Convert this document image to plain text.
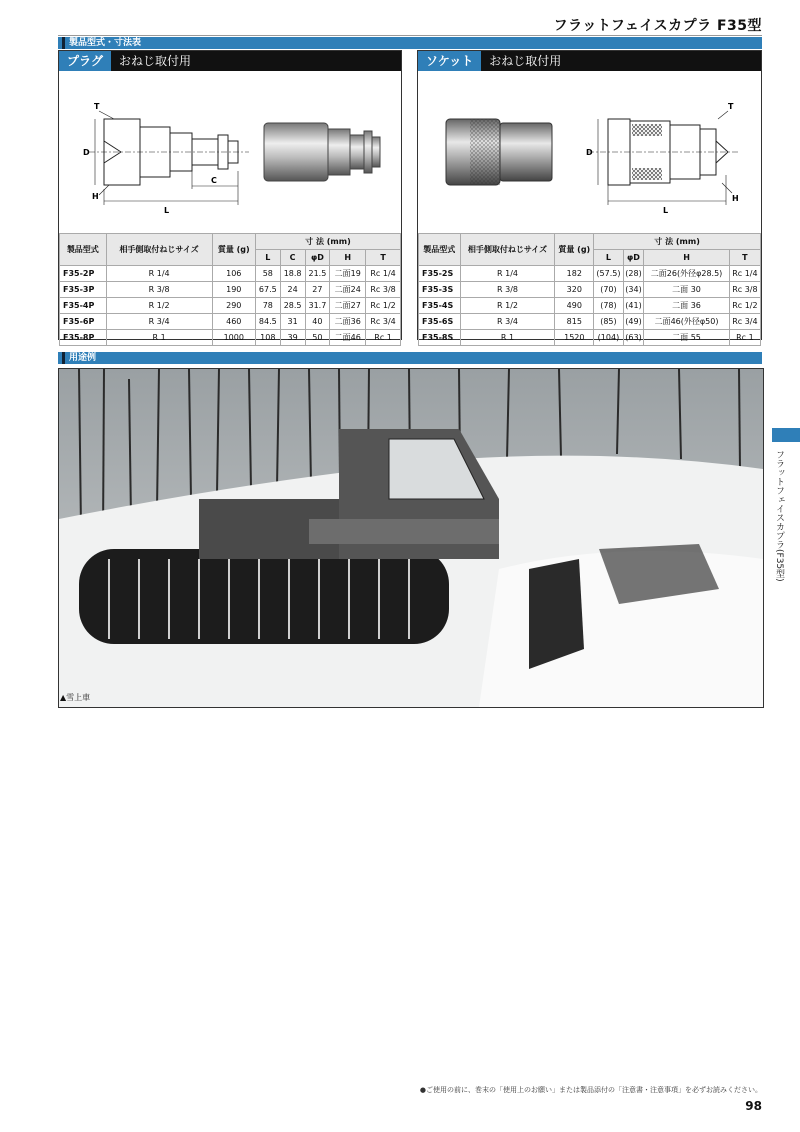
フラットフェイスカプラ F35型
製品型式・寸法表
プラグ おねじ取付用
D
T
H
L
C
製品型式	相手側取付ねじサイズ	質量 (g)	寸 法 (mm)				
			L	C	φD	H	T
F35-2P	R 1/4	106	58	18.8	21.5	二面19	Rc 1/4
F35-3P	R 3/8	190	67.5	24	27	二面24	Rc 3/8
F35-4P	R 1/2	290	78	28.5	31.7	二面27	Rc 1/2
F35-6P	R 3/4	460	84.5	31	40	二面36	Rc 3/4
F35-8P	R 1	1000	108	39	50	二面46	Rc 1
ソケット おねじ取付用
D
T
H
L
製品型式	相手側取付ねじサイズ	質量 (g)	寸 法 (mm)			
			L	φD	H	T
F35-2S	R 1/4	182	(57.5)	(28)	二面26(外径φ28.5)	Rc 1/4
F35-3S	R 3/8	320	(70)	(34)	二面 30	Rc 3/8
F35-4S	R 1/2	490	(78)	(41)	二面 36	Rc 1/2
F35-6S	R 3/4	815	(85)	(49)	二面46(外径φ50)	Rc 3/4
F35-8S	R 1	1520	(104)	(63)	二面 55	Rc 1
用途例
▲雪上車
フラットフェイスカプラ(F35型)
●ご使用の前に、巻末の「使用上のお願い」または製品添付の「注意書・注意事項」を必ずお読みください。
98
